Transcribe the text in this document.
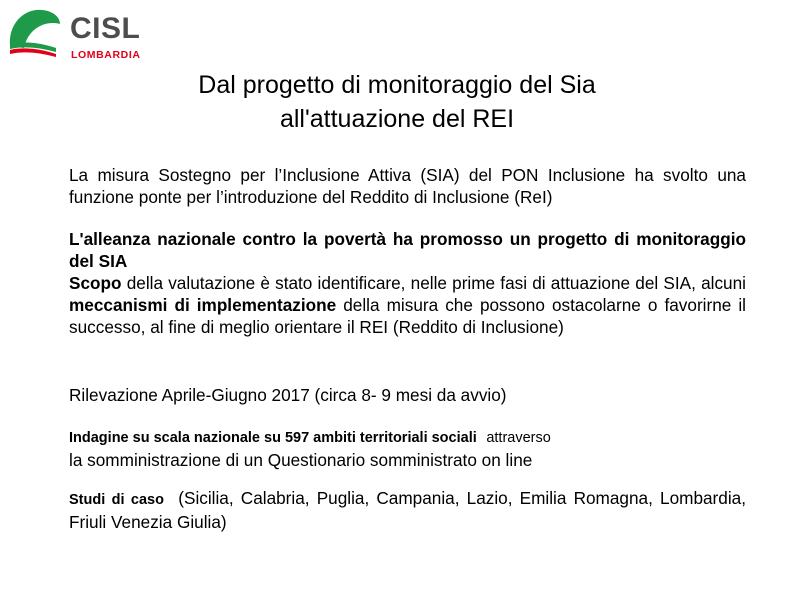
CISL
LOMBARDIA
Dal progetto di monitoraggio del Sia
all'attuazione del REI
La misura Sostegno per l’Inclusione Attiva (SIA) del PON Inclusione ha svolto una funzione ponte per l’introduzione del Reddito di Inclusione (ReI)
L'alleanza nazionale contro la povertà ha promosso un progetto di monitoraggio del SIA
Scopo della valutazione è stato identificare, nelle prime fasi di attuazione del SIA, alcuni meccanismi di implementazione della misura che possono ostacolarne o favorirne il successo, al fine di meglio orientare il REI (Reddito di Inclusione)
Rilevazione Aprile-Giugno 2017 (circa 8- 9 mesi da avvio)
Indagine su scala nazionale su 597 ambiti territoriali sociali attraverso
la somministrazione di un Questionario somministrato on line
Studi di caso (Sicilia, Calabria, Puglia, Campania, Lazio, Emilia Romagna, Lombardia, Friuli Venezia Giulia)
